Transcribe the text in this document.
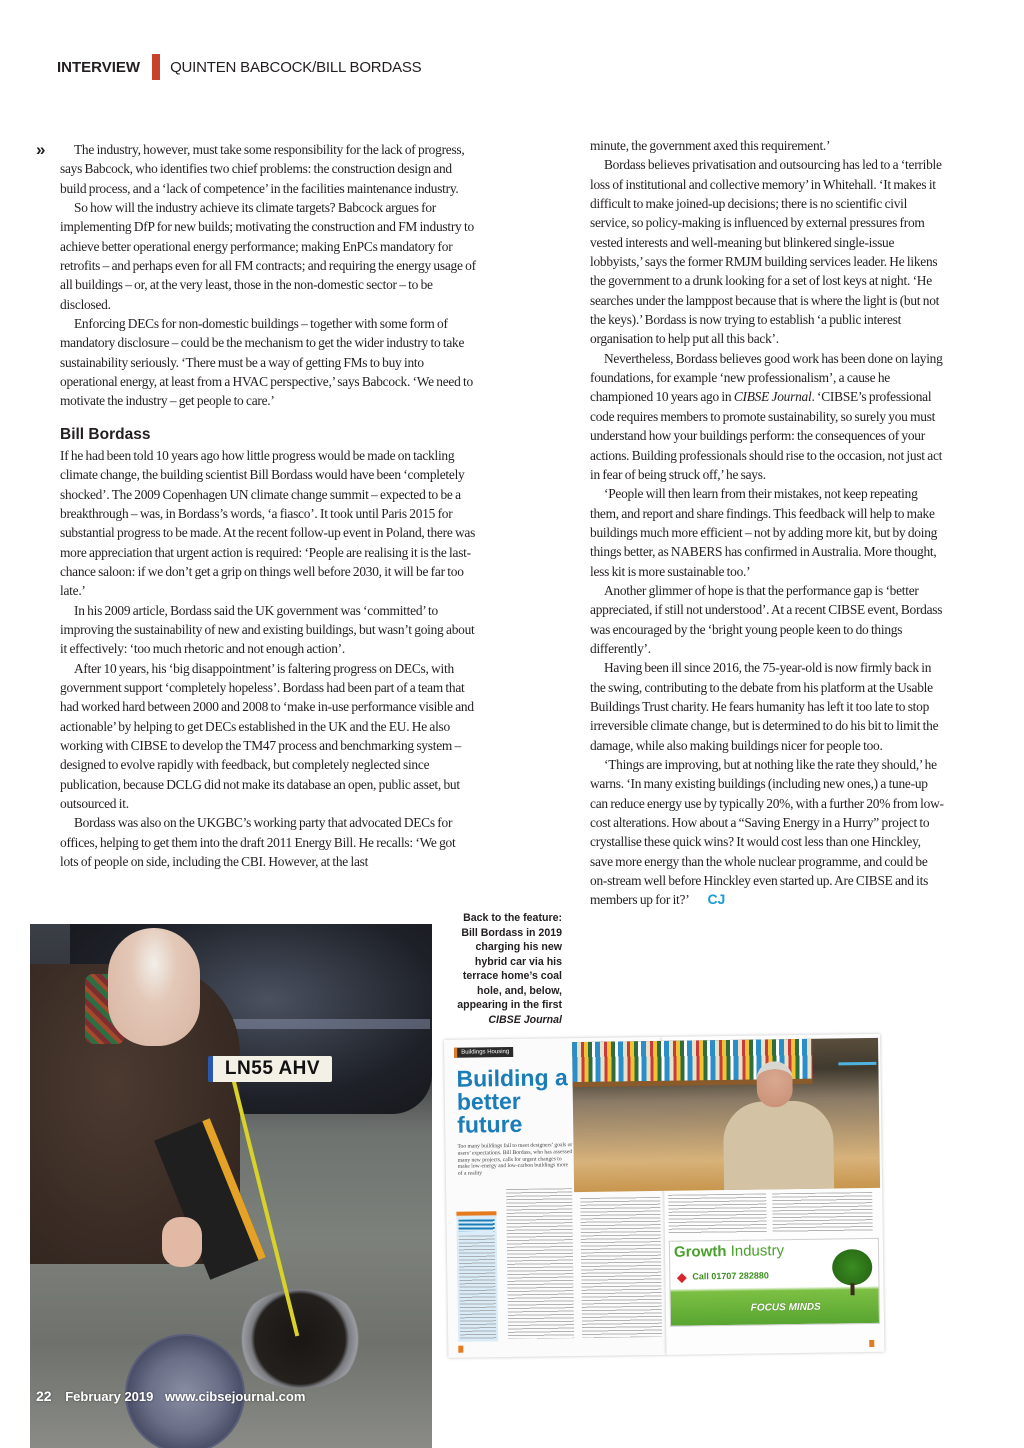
INTERVIEW QUINTEN BABCOCK/BILL BORDASS
»	The industry, however, must take some responsibility for the lack of progress, says Babcock, who identifies two chief problems: the construction design and build process, and a ‘lack of competence’ in the facilities maintenance industry.

So how will the industry achieve its climate targets? Babcock argues for implementing DfP for new builds; motivating the construction and FM industry to achieve better operational energy performance; making EnPCs mandatory for retrofits – and perhaps even for all FM contracts; and requiring the energy usage of all buildings – or, at the very least, those in the non-domestic sector – to be disclosed.

Enforcing DECs for non-domestic buildings – together with some form of mandatory disclosure – could be the mechanism to get the wider industry to take sustainability seriously. ‘There must be a way of getting FMs to buy into operational energy, at least from a HVAC perspective,’ says Babcock. ‘We need to motivate the industry – get people to care.’

Bill Bordass

If he had been told 10 years ago how little progress would be made on tackling climate change, the building scientist Bill Bordass would have been ‘completely shocked’. The 2009 Copenhagen UN climate change summit – expected to be a breakthrough – was, in Bordass’s words, ‘a fiasco’. It took until Paris 2015 for substantial progress to be made. At the recent follow-up event in Poland, there was more appreciation that urgent action is required: ‘People are realising it is the last-chance saloon: if we don’t get a grip on things well before 2030, it will be far too late.’

In his 2009 article, Bordass said the UK government was ‘committed’ to improving the sustainability of new and existing buildings, but wasn’t going about it effectively: ‘too much rhetoric and not enough action’.

After 10 years, his ‘big disappointment’ is faltering progress on DECs, with government support ‘completely hopeless’. Bordass had been part of a team that had worked hard between 2000 and 2008 to ‘make in-use performance visible and actionable’ by helping to get DECs established in the UK and the EU. He also working with CIBSE to develop the TM47 process and benchmarking system – designed to evolve rapidly with feedback, but completely neglected since publication, because DCLG did not make its database an open, public asset, but outsourced it.

Bordass was also on the UKGBC’s working party that advocated DECs for offices, helping to get them into the draft 2011 Energy Bill. He recalls: ‘We got lots of people on side, including the CBI. However, at the last

minute, the government axed this requirement.’

Bordass believes privatisation and outsourcing has led to a ‘terrible loss of institutional and collective memory’ in Whitehall. ‘It makes it difficult to make joined-up decisions; there is no scientific civil service, so policy-making is influenced by external pressures from vested interests and well-meaning but blinkered single-issue lobbyists,’ says the former RMJM building services leader. He likens the government to a drunk looking for a set of lost keys at night. ‘He searches under the lamppost because that is where the light is (but not the keys).’ Bordass is now trying to establish ‘a public interest organisation to help put all this back’.

Nevertheless, Bordass believes good work has been done on laying foundations, for example ‘new professionalism’, a cause he championed 10 years ago in CIBSE Journal. ‘CIBSE’s professional code requires members to promote sustainability, so surely you must understand how your buildings perform: the consequences of your actions. Building professionals should rise to the occasion, not just act in fear of being struck off,’ he says.

‘People will then learn from their mistakes, not keep repeating them, and report and share findings. This feedback will help to make buildings much more efficient – not by adding more kit, but by doing things better, as NABERS has confirmed in Australia. More thought, less kit is more sustainable too.’

Another glimmer of hope is that the performance gap is ‘better appreciated, if still not understood’. At a recent CIBSE event, Bordass was encouraged by the ‘bright young people keen to do things differently’.

Having been ill since 2016, the 75-year-old is now firmly back in the swing, contributing to the debate from his platform at the Usable Buildings Trust charity. He fears humanity has left it too late to stop irreversible climate change, but is determined to do his bit to limit the damage, while also making buildings nicer for people too.

‘Things are improving, but at nothing like the rate they should,’ he warns. ‘In many existing buildings (including new ones,) a tune-up can reduce energy use by typically 20%, with a further 20% from low-cost alterations. How about a “Saving Energy in a Hurry” project to crystallise these quick wins? It would cost less than one Hinckley, save more energy than the whole nuclear programme, and could be on-stream well before Hinckley even started up. Are CIBSE and its members up for it?’ CJ

Back to the feature: Bill Bordass in 2019 charging his new hybrid car via his terrace home’s coal hole, and, below, appearing in the first
CIBSE Journal
LN55 AHV
22 February 2019 www.cibsejournal.com
Buildings Housing
Building a better future
Too many buildings fail to meet designers’ goals or users’ expectations. Bill Bordass, who has assessed many new projects, calls for urgent changes to make low-energy and low-carbon buildings more of a reality
Growth Industry
Call 01707 282880
FOCUS MINDS
